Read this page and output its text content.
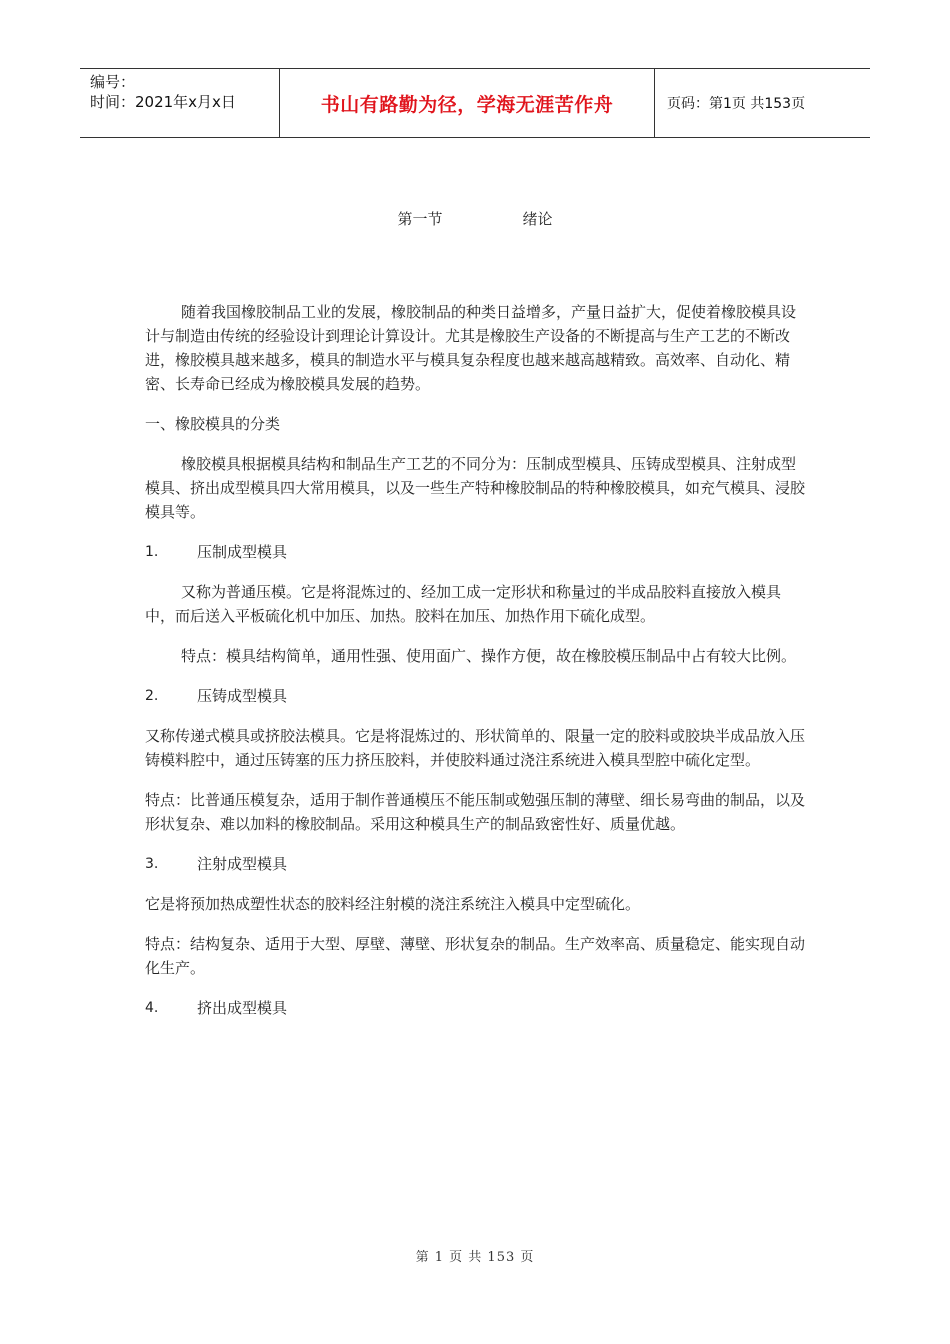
编号：
时间：2021年x月x日	书山有路勤为径，学海无涯苦作舟	页码：第1页 共153页
第一节	绪论

随着我国橡胶制品工业的发展，橡胶制品的种类日益增多，产量日益扩大，促使着橡胶模具设计与制造由传统的经验设计到理论计算设计。尤其是橡胶生产设备的不断提高与生产工艺的不断改进，橡胶模具越来越多，模具的制造水平与模具复杂程度也越来越高越精致。高效率、自动化、精密、长寿命已经成为橡胶模具发展的趋势。

一、橡胶模具的分类

橡胶模具根据模具结构和制品生产工艺的不同分为：压制成型模具、压铸成型模具、注射成型模具、挤出成型模具四大常用模具，以及一些生产特种橡胶制品的特种橡胶模具，如充气模具、浸胶模具等。

1.	压制成型模具

又称为普通压模。它是将混炼过的、经加工成一定形状和称量过的半成品胶料直接放入模具中，而后送入平板硫化机中加压、加热。胶料在加压、加热作用下硫化成型。

特点：模具结构简单，通用性强、使用面广、操作方便，故在橡胶模压制品中占有较大比例。

2.	压铸成型模具

又称传递式模具或挤胶法模具。它是将混炼过的、形状简单的、限量一定的胶料或胶块半成品放入压铸模料腔中，通过压铸塞的压力挤压胶料，并使胶料通过浇注系统进入模具型腔中硫化定型。

特点：比普通压模复杂，适用于制作普通模压不能压制或勉强压制的薄壁、细长易弯曲的制品，以及形状复杂、难以加料的橡胶制品。采用这种模具生产的制品致密性好、质量优越。

3.	注射成型模具

它是将预加热成塑性状态的胶料经注射模的浇注系统注入模具中定型硫化。

特点：结构复杂、适用于大型、厚壁、薄壁、形状复杂的制品。生产效率高、质量稳定、能实现自动化生产。

4.	挤出成型模具
第 1 页 共 153 页
